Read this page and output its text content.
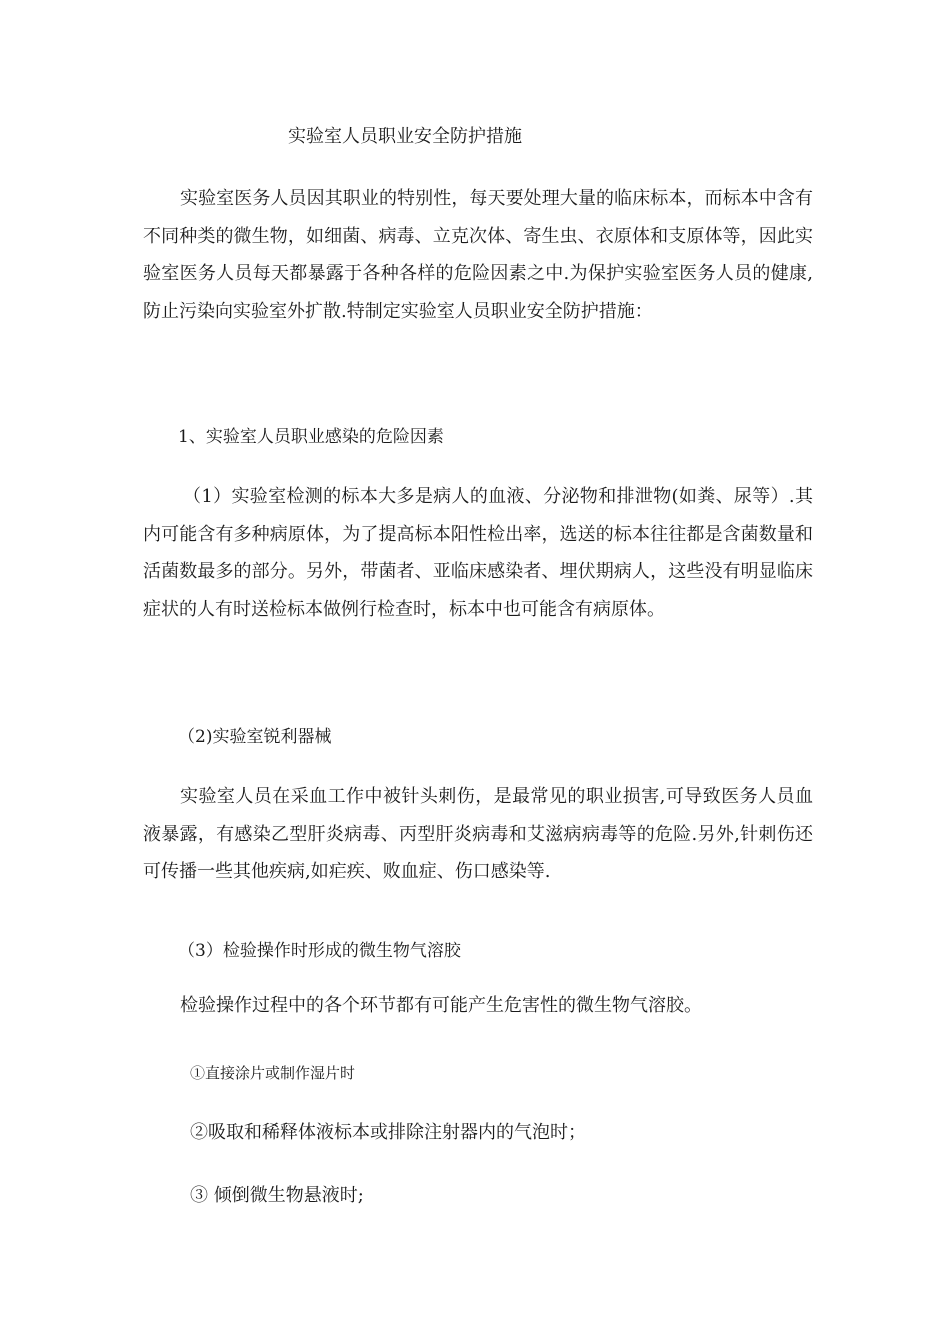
实验室人员职业安全防护措施
实验室医务人员因其职业的特别性，每天要处理大量的临床标本，而标本中含有不同种类的微生物，如细菌、病毒、立克次体、寄生虫、衣原体和支原体等，因此实验室医务人员每天都暴露于各种各样的危险因素之中.为保护实验室医务人员的健康,防止污染向实验室外扩散.特制定实验室人员职业安全防护措施：
1、实验室人员职业感染的危险因素
（1）实验室检测的标本大多是病人的血液、分泌物和排泄物(如粪、尿等）.其内可能含有多种病原体，为了提高标本阳性检出率，选送的标本往往都是含菌数量和活菌数最多的部分。另外，带菌者、亚临床感染者、埋伏期病人，这些没有明显临床症状的人有时送检标本做例行检查时，标本中也可能含有病原体。
（2)实验室锐利器械
实验室人员在采血工作中被针头刺伤，是最常见的职业损害,可导致医务人员血液暴露，有感染乙型肝炎病毒、丙型肝炎病毒和艾滋病病毒等的危险.另外,针刺伤还可传播一些其他疾病,如疟疾、败血症、伤口感染等.
（3）检验操作时形成的微生物气溶胶
检验操作过程中的各个环节都有可能产生危害性的微生物气溶胶。
①直接涂片或制作湿片时
②吸取和稀释体液标本或排除注射器内的气泡时；
③ 倾倒微生物悬液时;
